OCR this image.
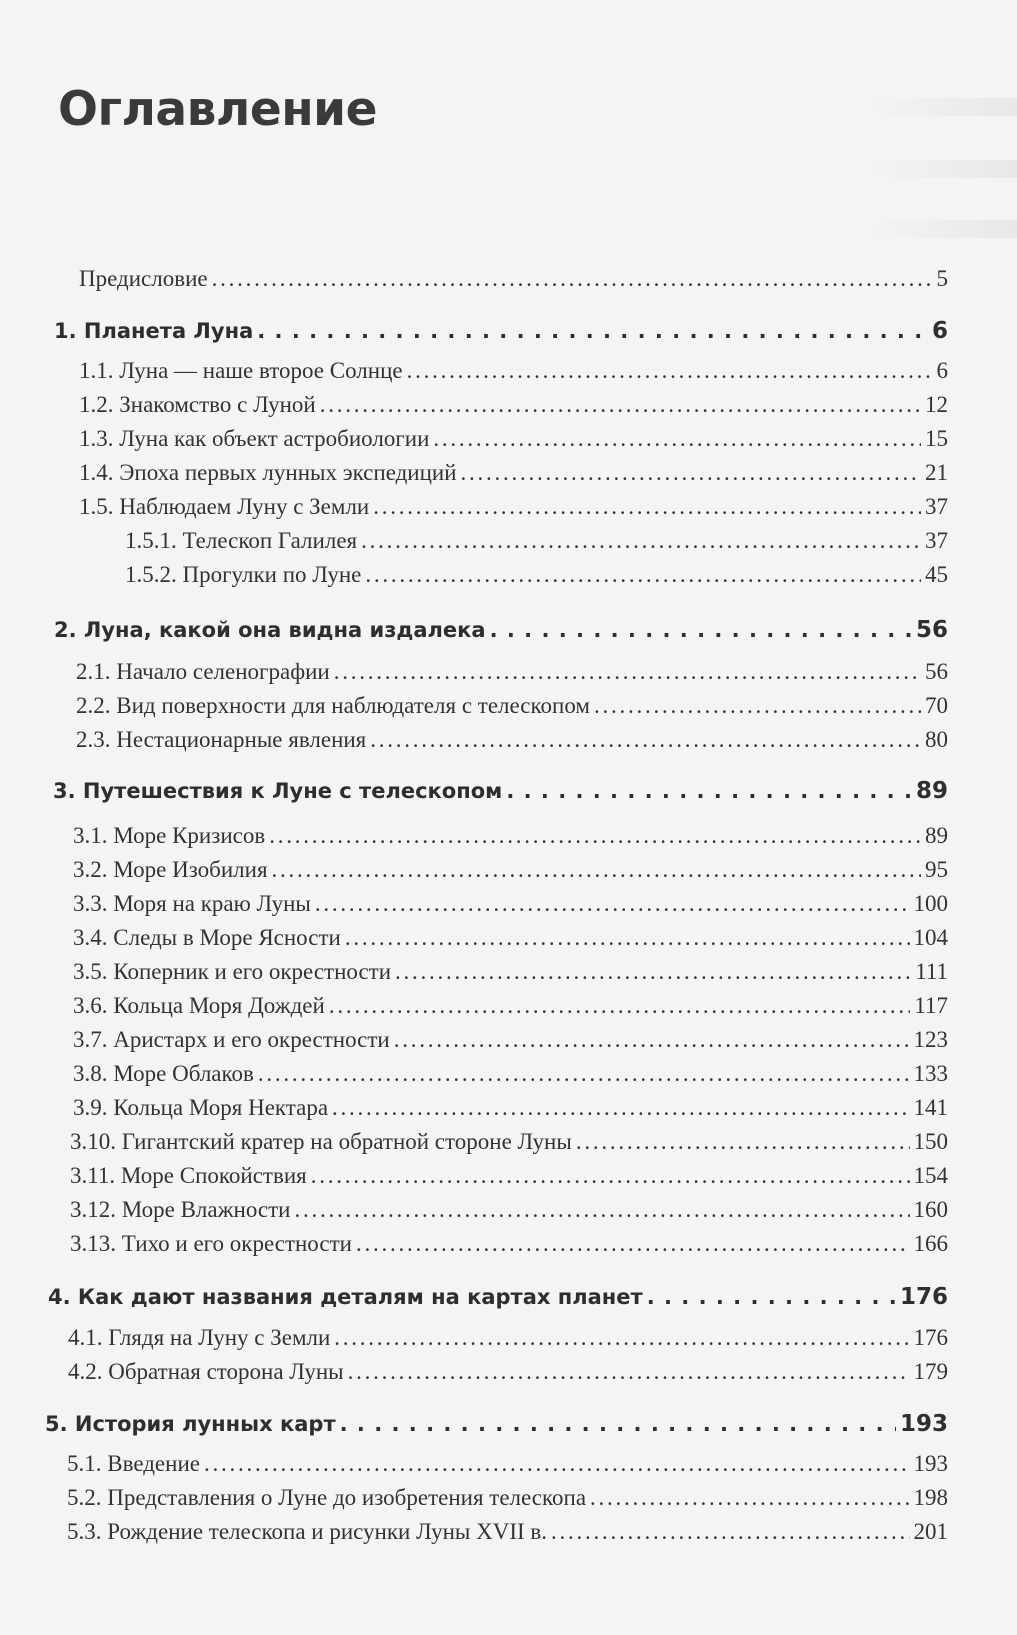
Оглавление
Предисловие . . .	5
1. Планета Луна . . .	6
1.1. Луна — наше второе Солнце . . .	6
1.2. Знакомство с Луной . . .	12
1.3. Луна как объект астробиологии . . .	15
1.4. Эпоха первых лунных экспедиций . . .	21
1.5. Наблюдаем Луну с Земли . . .	37
1.5.1. Телескоп Галилея . . .	37
1.5.2. Прогулки по Луне . . .	45
2. Луна, какой она видна издалека . . .	56
2.1. Начало селенографии . . .	56
2.2. Вид поверхности для наблюдателя с телескопом . . .	70
2.3. Нестационарные явления . . .	80
3. Путешествия к Луне с телескопом . . .	89
3.1. Море Кризисов . . .	89
3.2. Море Изобилия . . .	95
3.3. Моря на краю Луны . . .	100
3.4. Следы в Море Ясности . . .	104
3.5. Коперник и его окрестности . . .	111
3.6. Кольца Моря Дождей . . .	117
3.7. Аристарх и его окрестности . . .	123
3.8. Море Облаков . . .	133
3.9. Кольца Моря Нектара . . .	141
3.10. Гигантский кратер на обратной стороне Луны . . .	150
3.11. Море Спокойствия . . .	154
3.12. Море Влажности . . .	160
3.13. Тихо и его окрестности . . .	166
4. Как дают названия деталям на картах планет . . .	176
4.1. Глядя на Луну с Земли . . .	176
4.2. Обратная сторона Луны . . .	179
5. История лунных карт . . .	193
5.1. Введение . . .	193
5.2. Представления о Луне до изобретения телескопа . . .	198
5.3. Рождение телескопа и рисунки Луны XVII в. . . .	201
